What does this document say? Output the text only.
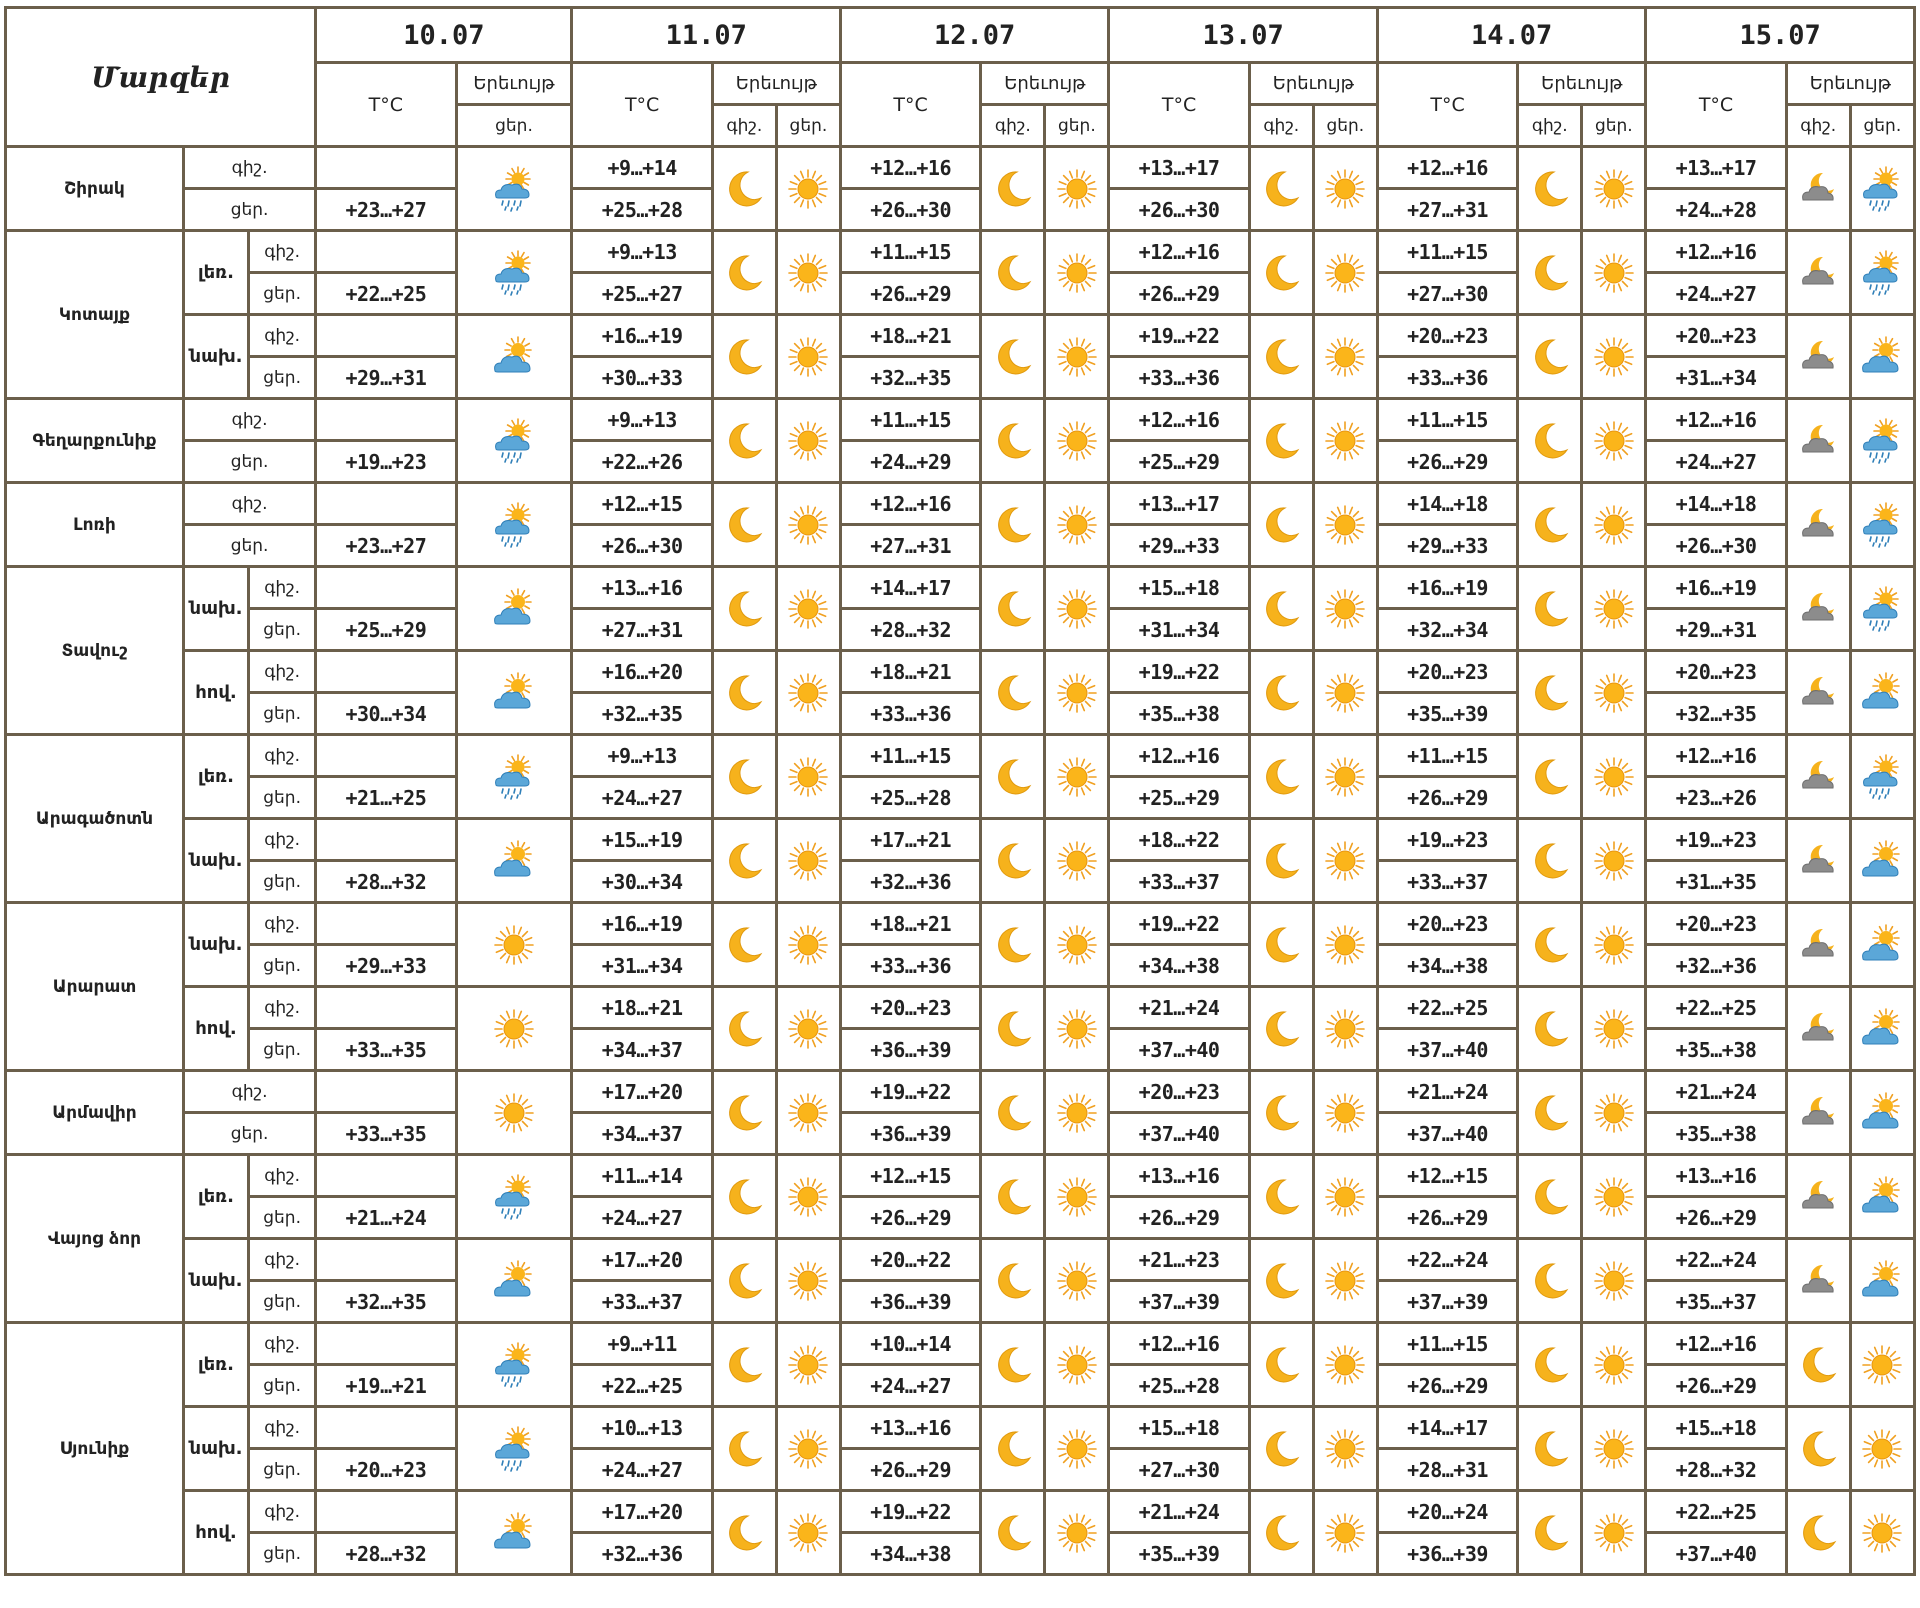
Մարզեր			10.07		11.07			12.07			13.07			14.07			15.07		
			T°C	Երեւույթ	T°C	Երեւույթ		T°C	Երեւույթ		T°C	Երեւույթ		T°C	Երեւույթ		T°C	Երեւույթ	
				ցեր.		գիշ.	ցեր.		գիշ.	ցեր.		գիշ.	ցեր.		գիշ.	ցեր.		գիշ.	ցեր.
Շիրակ	գիշ.				+9…+14			+12…+16			+13…+17			+12…+16			+13…+17		
	ցեր.		+23…+27		+25…+28			+26…+30			+26…+30			+27…+31			+24…+28		
Կոտայք	լեռ.	գիշ.			+9…+13			+11…+15			+12…+16			+11…+15			+12…+16		
		ցեր.	+22…+25		+25…+27			+26…+29			+26…+29			+27…+30			+24…+27		
	նախ.	գիշ.			+16…+19			+18…+21			+19…+22			+20…+23			+20…+23		
		ցեր.	+29…+31		+30…+33			+32…+35			+33…+36			+33…+36			+31…+34		
Գեղարքունիք	գիշ.				+9…+13			+11…+15			+12…+16			+11…+15			+12…+16		
	ցեր.		+19…+23		+22…+26			+24…+29			+25…+29			+26…+29			+24…+27		
Լոռի	գիշ.				+12…+15			+12…+16			+13…+17			+14…+18			+14…+18		
	ցեր.		+23…+27		+26…+30			+27…+31			+29…+33			+29…+33			+26…+30		
Տավուշ	նախ.	գիշ.			+13…+16			+14…+17			+15…+18			+16…+19			+16…+19		
		ցեր.	+25…+29		+27…+31			+28…+32			+31…+34			+32…+34			+29…+31		
	հով.	գիշ.			+16…+20			+18…+21			+19…+22			+20…+23			+20…+23		
		ցեր.	+30…+34		+32…+35			+33…+36			+35…+38			+35…+39			+32…+35		
Արագածոտն	լեռ.	գիշ.			+9…+13			+11…+15			+12…+16			+11…+15			+12…+16		
		ցեր.	+21…+25		+24…+27			+25…+28			+25…+29			+26…+29			+23…+26		
	նախ.	գիշ.			+15…+19			+17…+21			+18…+22			+19…+23			+19…+23		
		ցեր.	+28…+32		+30…+34			+32…+36			+33…+37			+33…+37			+31…+35		
Արարատ	նախ.	գիշ.			+16…+19			+18…+21			+19…+22			+20…+23			+20…+23		
		ցեր.	+29…+33		+31…+34			+33…+36			+34…+38			+34…+38			+32…+36		
	հով.	գիշ.			+18…+21			+20…+23			+21…+24			+22…+25			+22…+25		
		ցեր.	+33…+35		+34…+37			+36…+39			+37…+40			+37…+40			+35…+38		
Արմավիր	գիշ.				+17…+20			+19…+22			+20…+23			+21…+24			+21…+24		
	ցեր.		+33…+35		+34…+37			+36…+39			+37…+40			+37…+40			+35…+38		
Վայոց ձոր	լեռ.	գիշ.			+11…+14			+12…+15			+13…+16			+12…+15			+13…+16		
		ցեր.	+21…+24		+24…+27			+26…+29			+26…+29			+26…+29			+26…+29		
	նախ.	գիշ.			+17…+20			+20…+22			+21…+23			+22…+24			+22…+24		
		ցեր.	+32…+35		+33…+37			+36…+39			+37…+39			+37…+39			+35…+37		
Սյունիք	լեռ.	գիշ.			+9…+11			+10…+14			+12…+16			+11…+15			+12…+16		
		ցեր.	+19…+21		+22…+25			+24…+27			+25…+28			+26…+29			+26…+29		
	նախ.	գիշ.			+10…+13			+13…+16			+15…+18			+14…+17			+15…+18		
		ցեր.	+20…+23		+24…+27			+26…+29			+27…+30			+28…+31			+28…+32		
	հով.	գիշ.			+17…+20			+19…+22			+21…+24			+20…+24			+22…+25		
		ցեր.	+28…+32		+32…+36			+34…+38			+35…+39			+36…+39			+37…+40		
